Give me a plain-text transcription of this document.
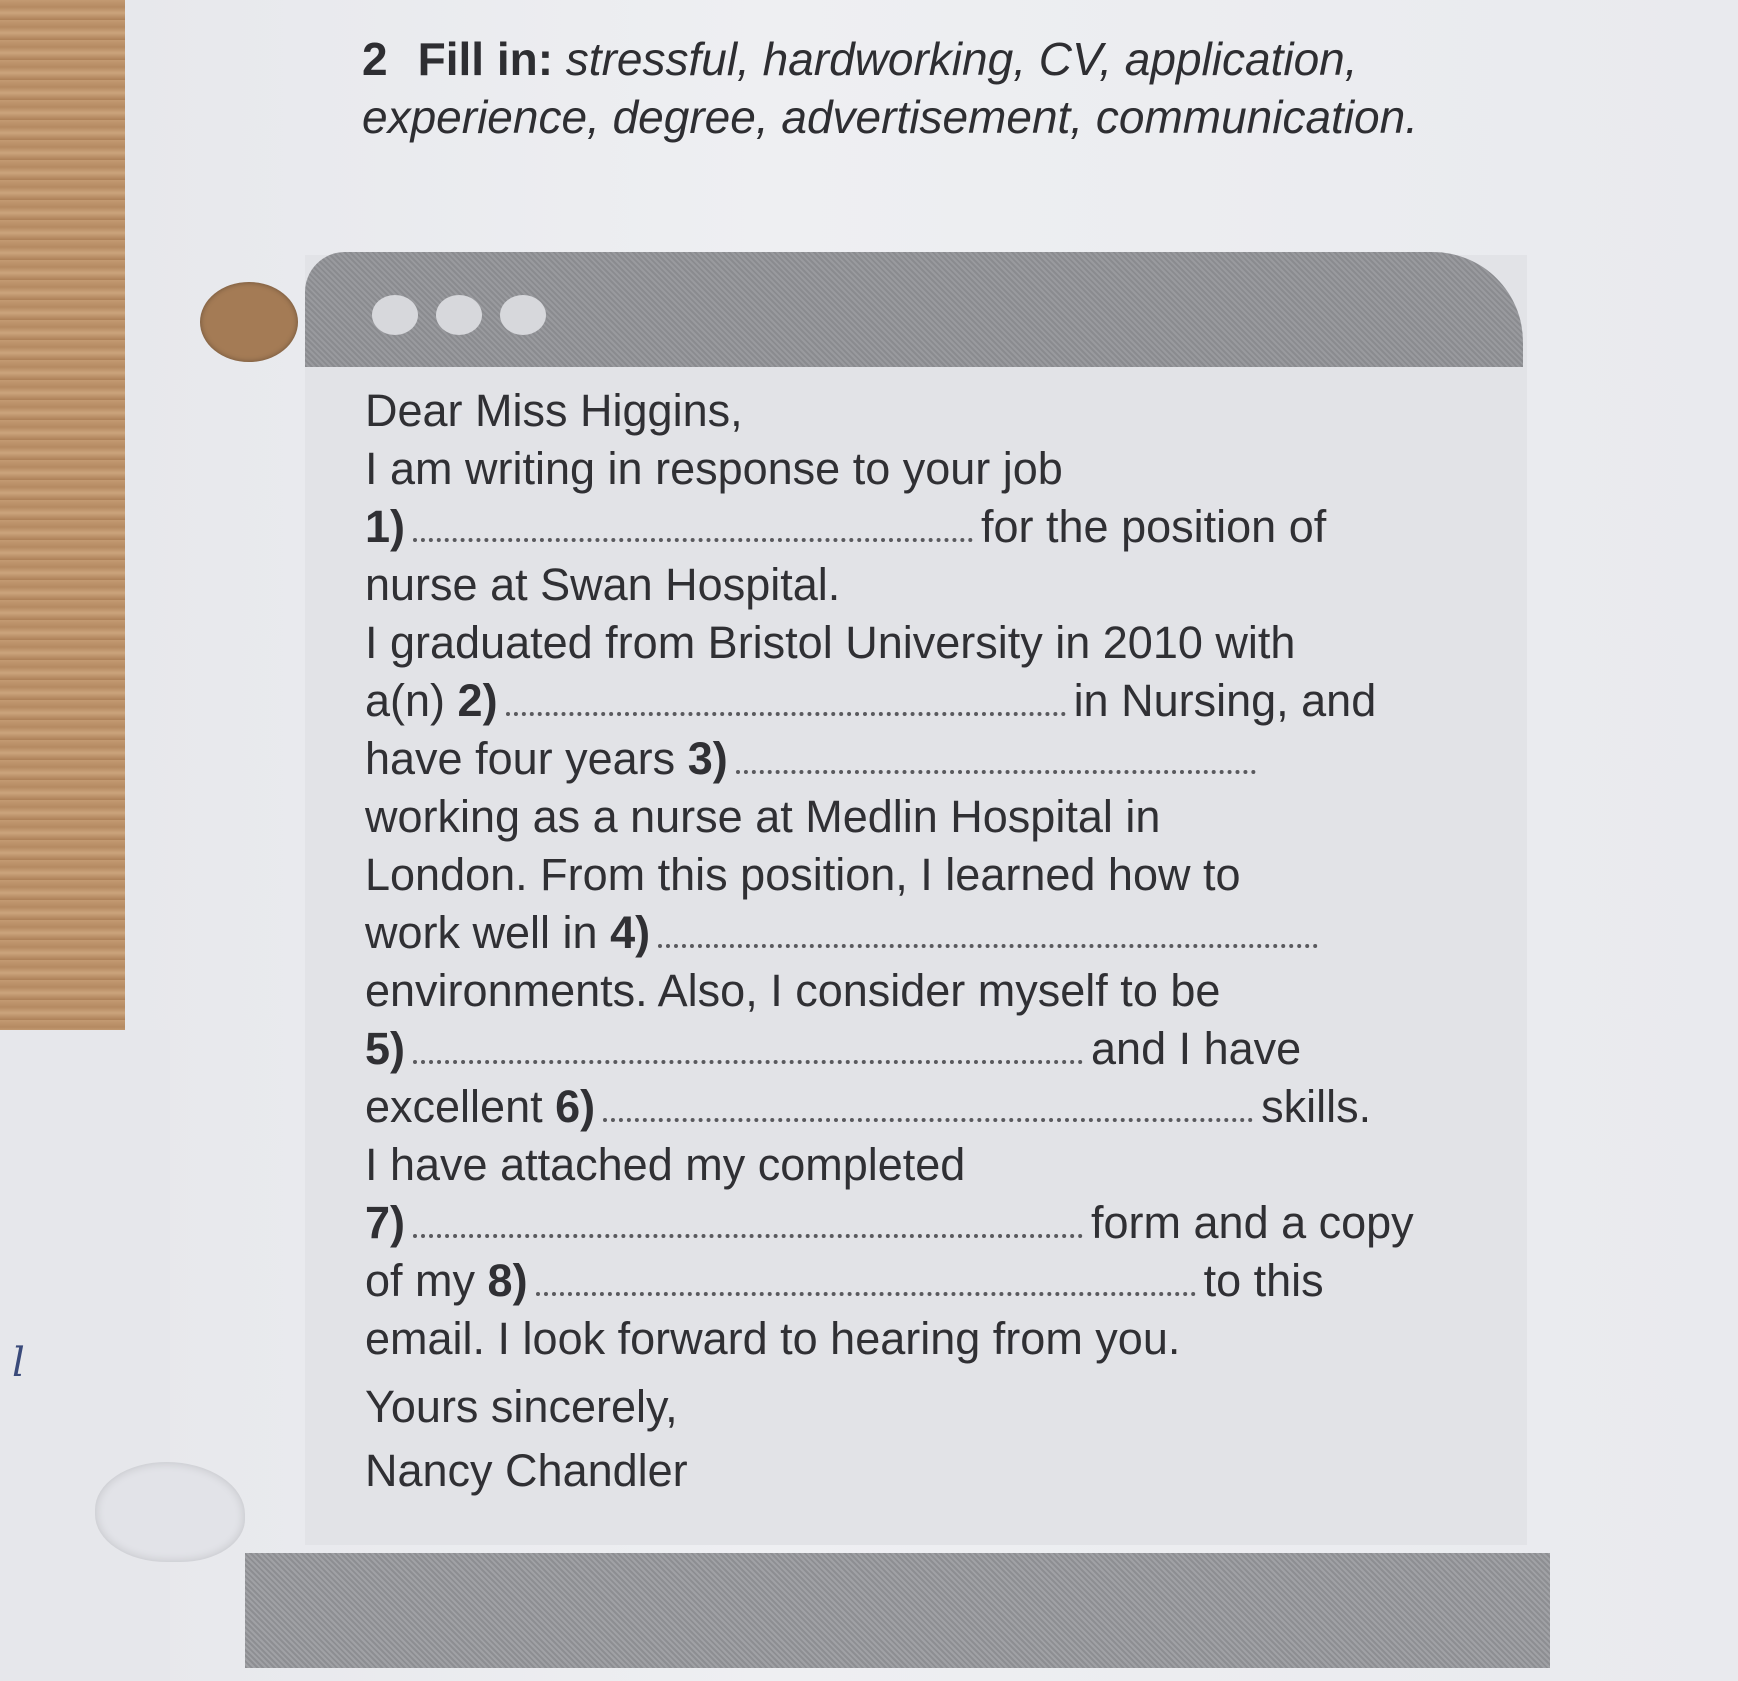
l
2 Fill in: stressful, hardworking, CV, application, experience, degree, advertisement, communication.
Dear Miss Higgins,
I am writing in response to your job
1)	for the position of
nurse at Swan Hospital.
I graduated from Bristol University in 2010 with
a(n) 2)	in Nursing, and
have four years 3)
working as a nurse at Medlin Hospital in
London. From this position, I learned how to
work well in 4)
environments. Also, I consider myself to be
5)	and I have
excellent 6)	skills.
I have attached my completed
7)	form and a copy
of my 8)	to this
email. I look forward to hearing from you.
Yours sincerely,
Nancy Chandler
